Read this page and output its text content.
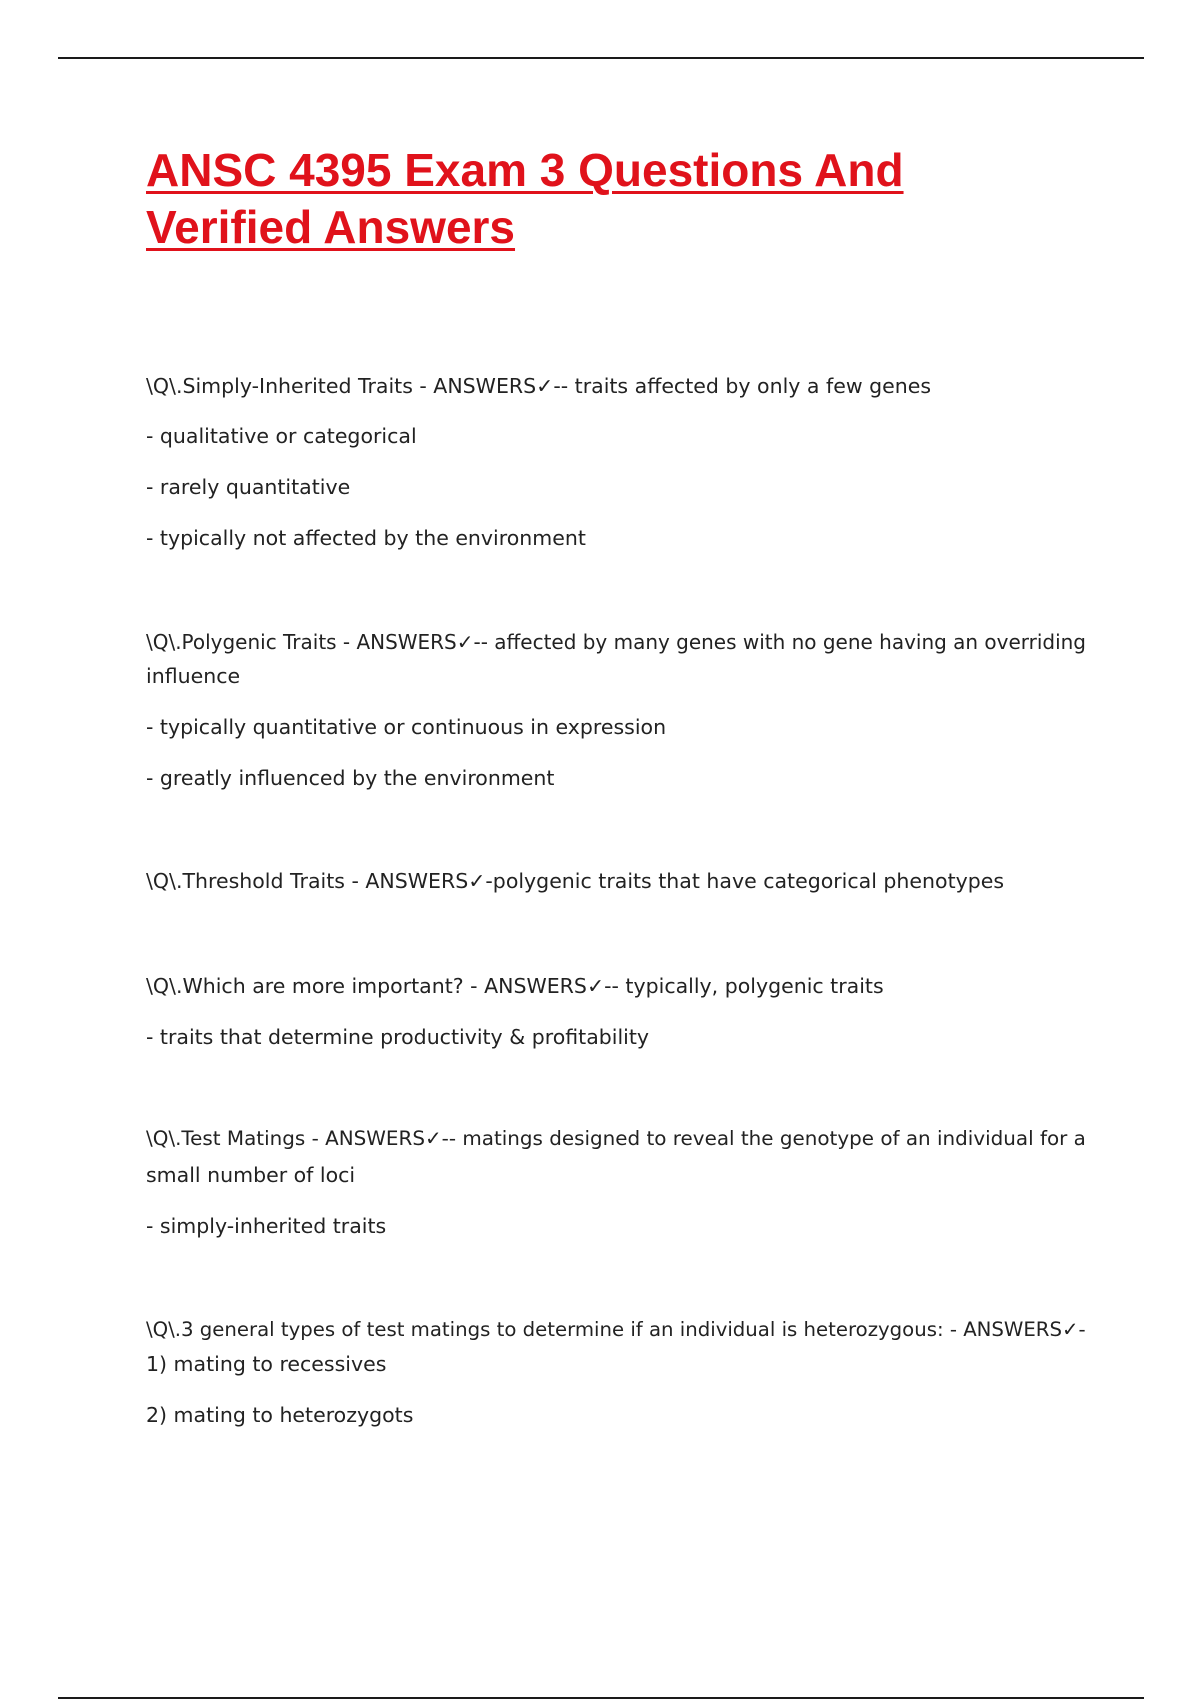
ANSC 4395 Exam 3 Questions And
Verified Answers
\Q\.Simply-Inherited Traits - ANSWERS✓-- traits affected by only a few genes
- qualitative or categorical
- rarely quantitative
- typically not affected by the environment
\Q\.Polygenic Traits - ANSWERS✓-- affected by many genes with no gene having an overriding
influence
- typically quantitative or continuous in expression
- greatly influenced by the environment
\Q\.Threshold Traits - ANSWERS✓-polygenic traits that have categorical phenotypes
\Q\.Which are more important? - ANSWERS✓-- typically, polygenic traits
- traits that determine productivity & profitability
\Q\.Test Matings - ANSWERS✓-- matings designed to reveal the genotype of an individual for a
small number of loci
- simply-inherited traits
\Q\.3 general types of test matings to determine if an individual is heterozygous: - ANSWERS✓-
1) mating to recessives
2) mating to heterozygots
